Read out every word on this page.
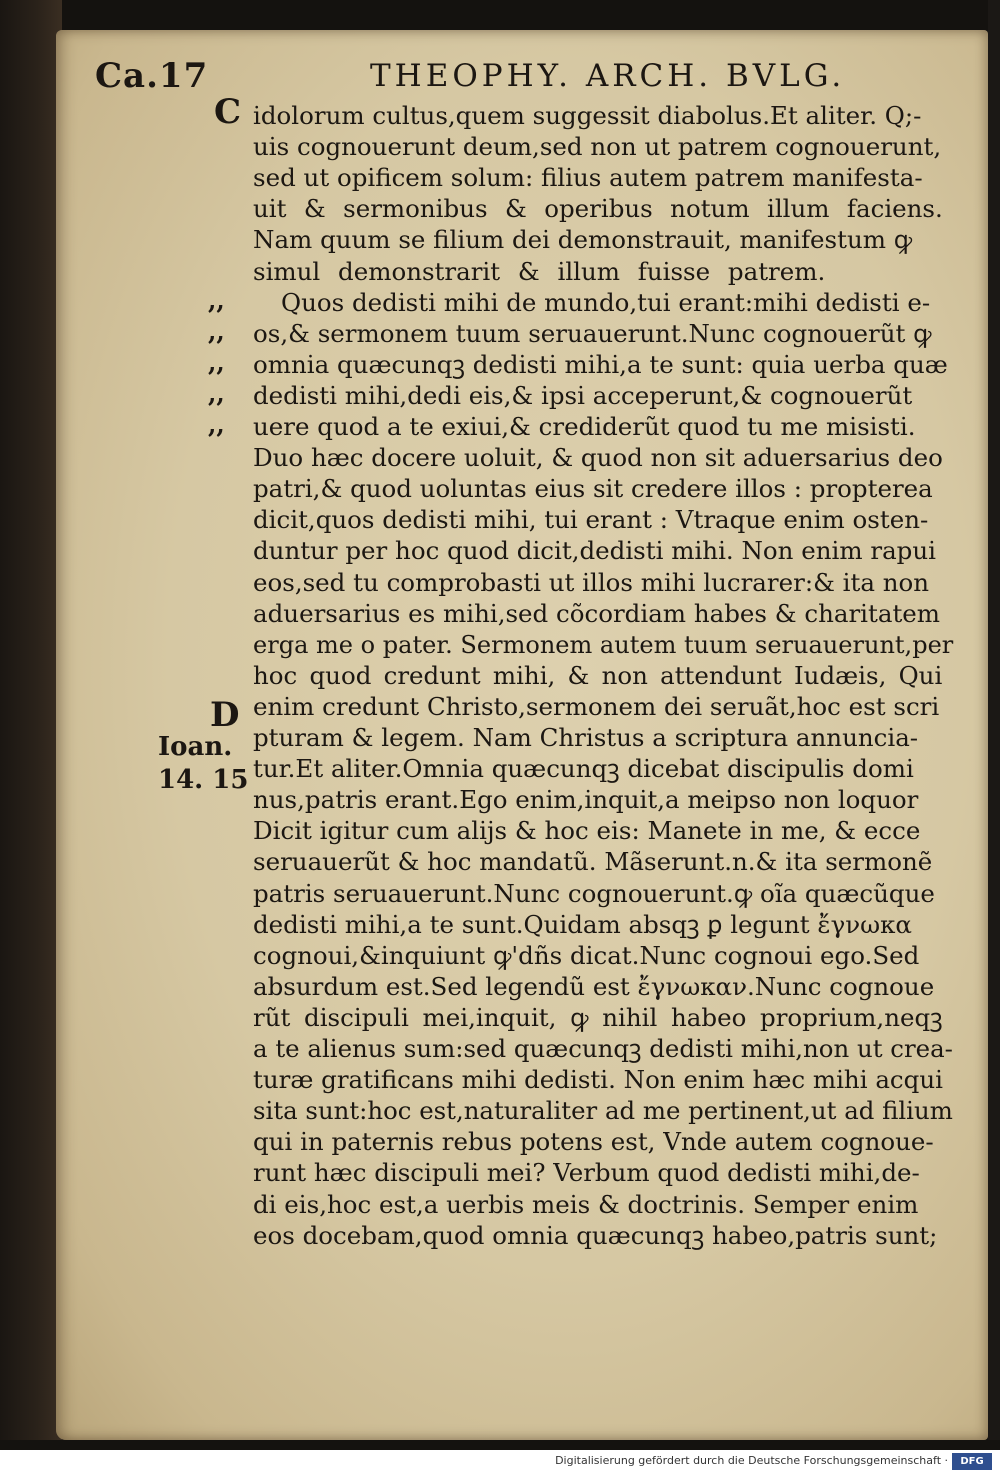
Ca.17	THEOPHY. ARCH. BVLG.
C
,,
,,
,,
,,
,,
D
Ioan.
14. 15
idolorum cultus,quem suggessit diabolus.Et aliter. Q;-
uis cognouerunt deum,sed non ut patrem cognouerunt,
sed ut opificem solum: filius autem patrem manifesta-
uit & sermonibus & operibus notum illum faciens.
Nam quum se filium dei demonstrauit, manifestum ꝙ
simul demonstrarit & illum fuisse patrem.
Quos dedisti mihi de mundo,tui erant:mihi dedisti e-
os,& sermonem tuum seruauerunt.Nunc cognouerũt ꝙ
omnia quæcunqꝫ dedisti mihi,a te sunt: quia uerba quæ
dedisti mihi,dedi eis,& ipsi acceperunt,& cognouerũt
uere quod a te exiui,& crediderũt quod tu me misisti.
Duo hæc docere uoluit, & quod non sit aduersarius deo
patri,& quod uoluntas eius sit credere illos : propterea
dicit,quos dedisti mihi, tui erant : Vtraque enim osten-
duntur per hoc quod dicit,dedisti mihi. Non enim rapui
eos,sed tu comprobasti ut illos mihi lucrarer:& ita non
aduersarius es mihi,sed cõcordiam habes & charitatem
erga me o pater. Sermonem autem tuum seruauerunt,per
hoc quod credunt mihi, & non attendunt Iudæis, Qui
enim credunt Christo,sermonem dei seruãt,hoc est scri
pturam & legem. Nam Christus a scriptura annuncia-
tur.Et aliter.Omnia quæcunqꝫ dicebat discipulis domi
nus,patris erant.Ego enim,inquit,a meipso non loquor
Dicit igitur cum alijs & hoc eis: Manete in me, & ecce
seruauerũt & hoc mandatũ. Mãserunt.n.& ita sermonẽ
patris seruauerunt.Nunc cognouerunt.ꝙ oĩa quæcũque
dedisti mihi,a te sunt.Quidam absqꝫ ꝑ legunt ἔγνωκα
cognoui,&inquiunt ꝙ'dñs dicat.Nunc cognoui ego.Sed
absurdum est.Sed legendũ est ἔγνωκαν.Nunc cognoue
rũt discipuli mei,inquit, ꝙ nihil habeo proprium,neqꝫ
a te alienus sum:sed quæcunqꝫ dedisti mihi,non ut crea-
turæ gratificans mihi dedisti. Non enim hæc mihi acqui
sita sunt:hoc est,naturaliter ad me pertinent,ut ad filium
qui in paternis rebus potens est, Vnde autem cognoue-
runt hæc discipuli mei? Verbum quod dedisti mihi,de-
di eis,hoc est,a uerbis meis & doctrinis. Semper enim
eos docebam,quod omnia quæcunqꝫ habeo,patris sunt;
Digitalisierung gefördert durch die Deutsche Forschungsgemeinschaft ·	DFG
